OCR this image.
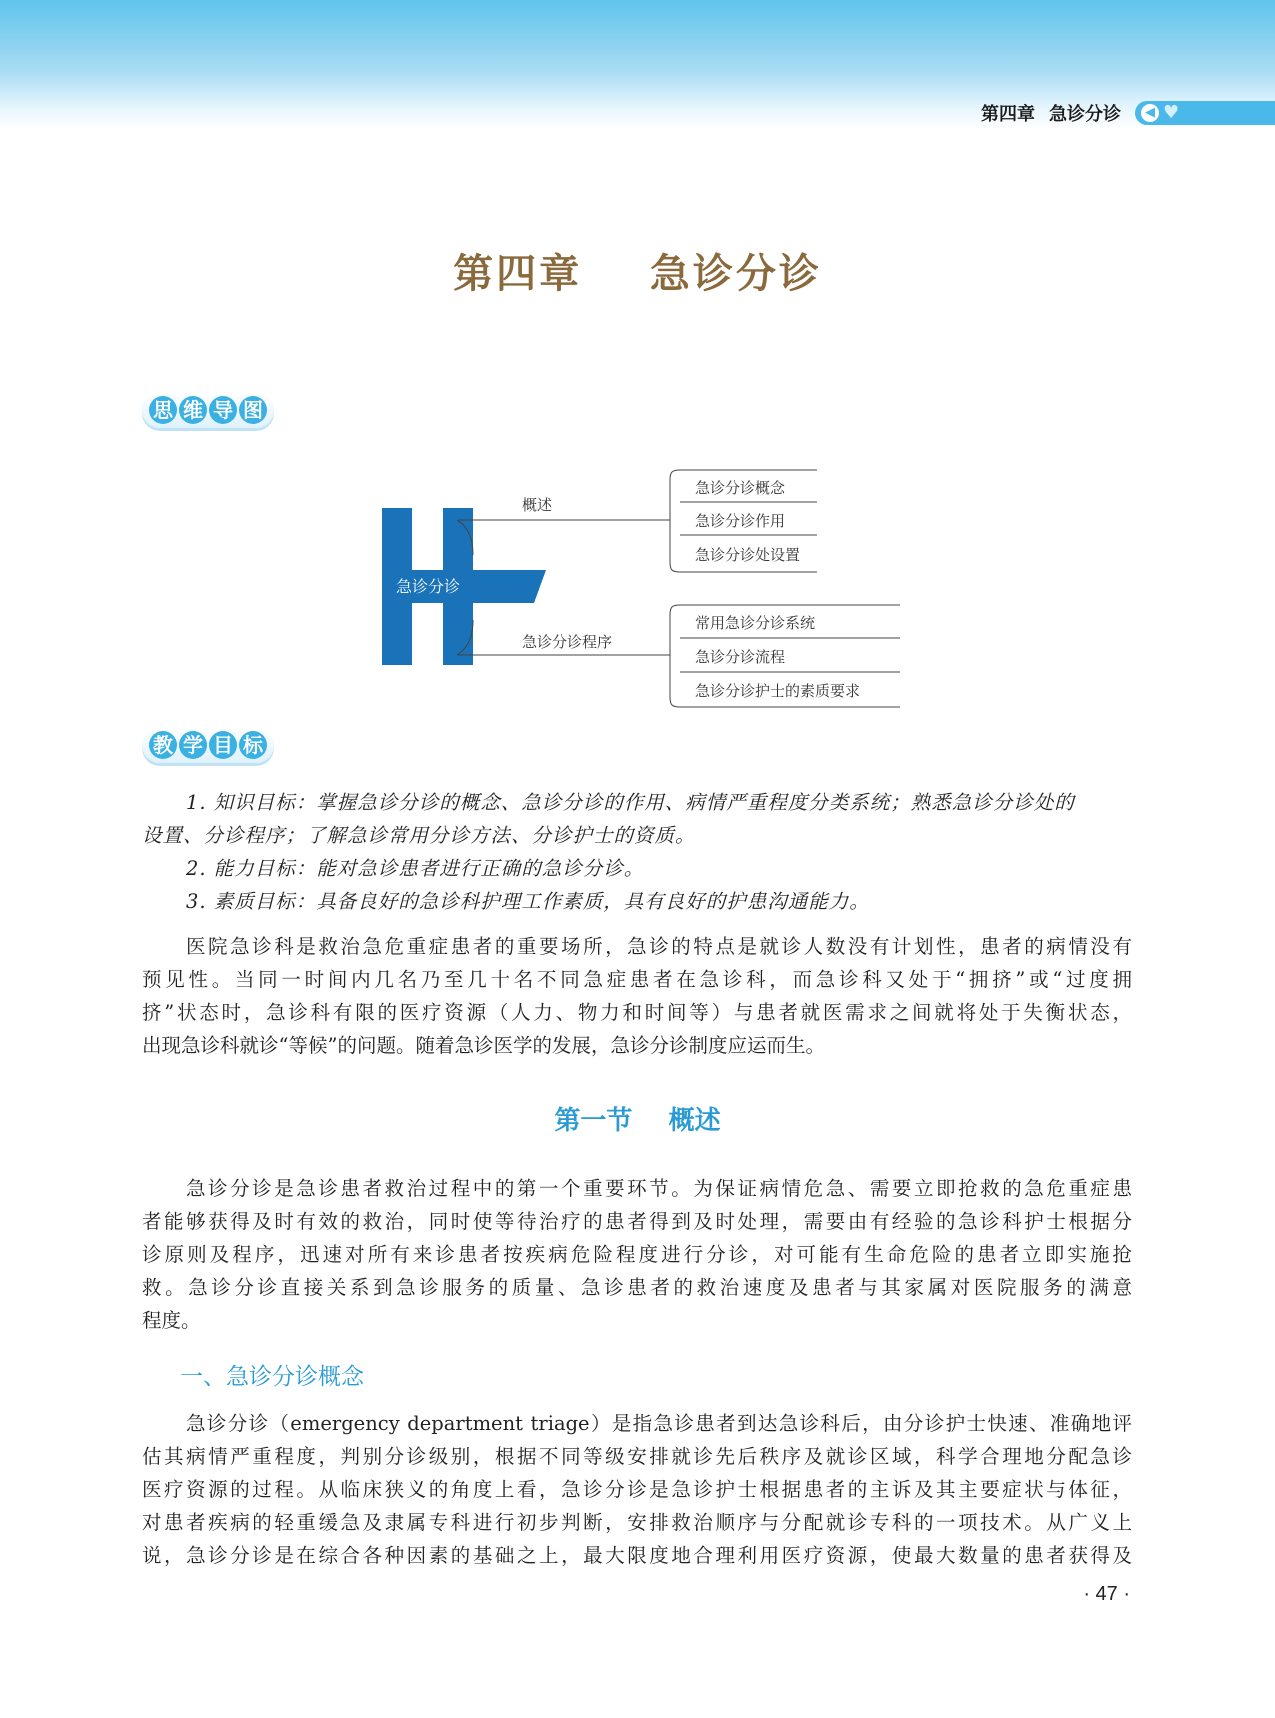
第四章 急诊分诊	◀ ♥
第四章    急诊分诊
思 维 导 图
急诊分诊
概述
急诊分诊程序
急诊分诊概念
急诊分诊作用
急诊分诊处设置
常用急诊分诊系统
急诊分诊流程
急诊分诊护士的素质要求
教 学 目 标
1. 知识目标：掌握急诊分诊的概念、急诊分诊的作用、病情严重程度分类系统；熟悉急诊分诊处的
设置、分诊程序；了解急诊常用分诊方法、分诊护士的资质。
2. 能力目标：能对急诊患者进行正确的急诊分诊。
3. 素质目标：具备良好的急诊科护理工作素质，具有良好的护患沟通能力。
医院急诊科是救治急危重症患者的重要场所，急诊的特点是就诊人数没有计划性，患者的病情没有
预见性。当同一时间内几名乃至几十名不同急症患者在急诊科，而急诊科又处于“拥挤”或“过度拥
挤”状态时，急诊科有限的医疗资源（人力、物力和时间等）与患者就医需求之间就将处于失衡状态，
出现急诊科就诊“等候”的问题。随着急诊医学的发展，急诊分诊制度应运而生。
第一节    概述
急诊分诊是急诊患者救治过程中的第一个重要环节。为保证病情危急、需要立即抢救的急危重症患
者能够获得及时有效的救治，同时使等待治疗的患者得到及时处理，需要由有经验的急诊科护士根据分
诊原则及程序，迅速对所有来诊患者按疾病危险程度进行分诊，对可能有生命危险的患者立即实施抢
救。急诊分诊直接关系到急诊服务的质量、急诊患者的救治速度及患者与其家属对医院服务的满意
程度。
一、急诊分诊概念
急诊分诊（emergency department triage）是指急诊患者到达急诊科后，由分诊护士快速、准确地评
估其病情严重程度，判别分诊级别，根据不同等级安排就诊先后秩序及就诊区域，科学合理地分配急诊
医疗资源的过程。从临床狭义的角度上看，急诊分诊是急诊护士根据患者的主诉及其主要症状与体征，
对患者疾病的轻重缓急及隶属专科进行初步判断，安排救治顺序与分配就诊专科的一项技术。从广义上
说，急诊分诊是在综合各种因素的基础之上，最大限度地合理利用医疗资源，使最大数量的患者获得及
· 47 ·
